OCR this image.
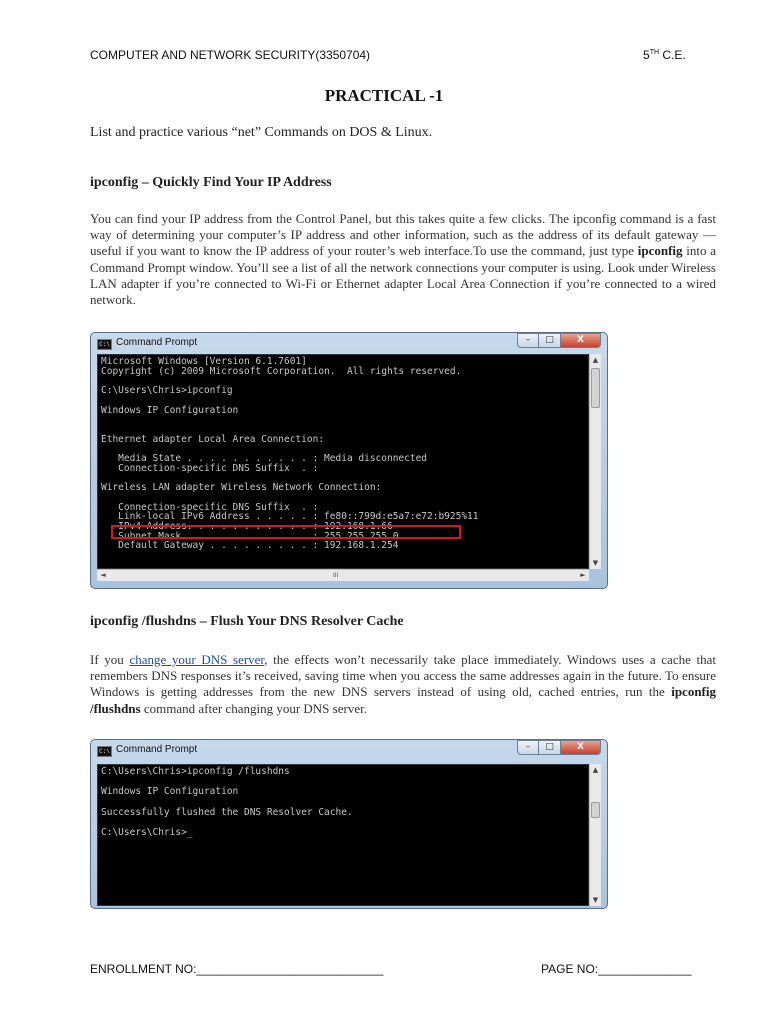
COMPUTER AND NETWORK SECURITY(3350704)	5TH C.E.
PRACTICAL -1
List and practice various “net” Commands on DOS & Linux.
ipconfig – Quickly Find Your IP Address
You can find your IP address from the Control Panel, but this takes quite a few clicks. The ipconfig command is a fast way of determining your computer’s IP address and other information, such as the address of its default gateway — useful if you want to know the IP address of your router’s web interface.To use the command, just type ipconfig into a Command Prompt window. You’ll see a list of all the network connections your computer is using. Look under Wireless LAN adapter if you’re connected to Wi-Fi or Ethernet adapter Local Area Connection if you’re connected to a wired network.
C:\ Command Prompt	–	□	X
Microsoft Windows [Version 6.1.7601]
Copyright (c) 2009 Microsoft Corporation.  All rights reserved.

C:\Users\Chris>ipconfig

Windows IP Configuration

Ethernet adapter Local Area Connection:

Media State . . . . . . . . . . . : Media disconnected
Connection-specific DNS Suffix  . :

Wireless LAN adapter Wireless Network Connection:

Connection-specific DNS Suffix  . :
Link-local IPv6 Address . . . . . : fe80::799d:e5a7:e72:b925%11
IPv4 Address. . . . . . . . . . . : 192.168.1.66
Subnet Mask . . . . . . . . . . . : 255.255.255.0
Default Gateway . . . . . . . . . : 192.168.1.254
▲
▼
◄	III	►
ipconfig /flushdns – Flush Your DNS Resolver Cache
If you change your DNS server, the effects won’t necessarily take place immediately. Windows uses a cache that remembers DNS responses it’s received, saving time when you access the same addresses again in the future. To ensure Windows is getting addresses from the new DNS servers instead of using old, cached entries, run the ipconfig /flushdns command after changing your DNS server.
C:\ Command Prompt	–	□	X
C:\Users\Chris>ipconfig /flushdns

Windows IP Configuration

Successfully flushed the DNS Resolver Cache.

C:\Users\Chris>_
▲
▼
ENROLLMENT NO:____________________________	PAGE NO:______________
